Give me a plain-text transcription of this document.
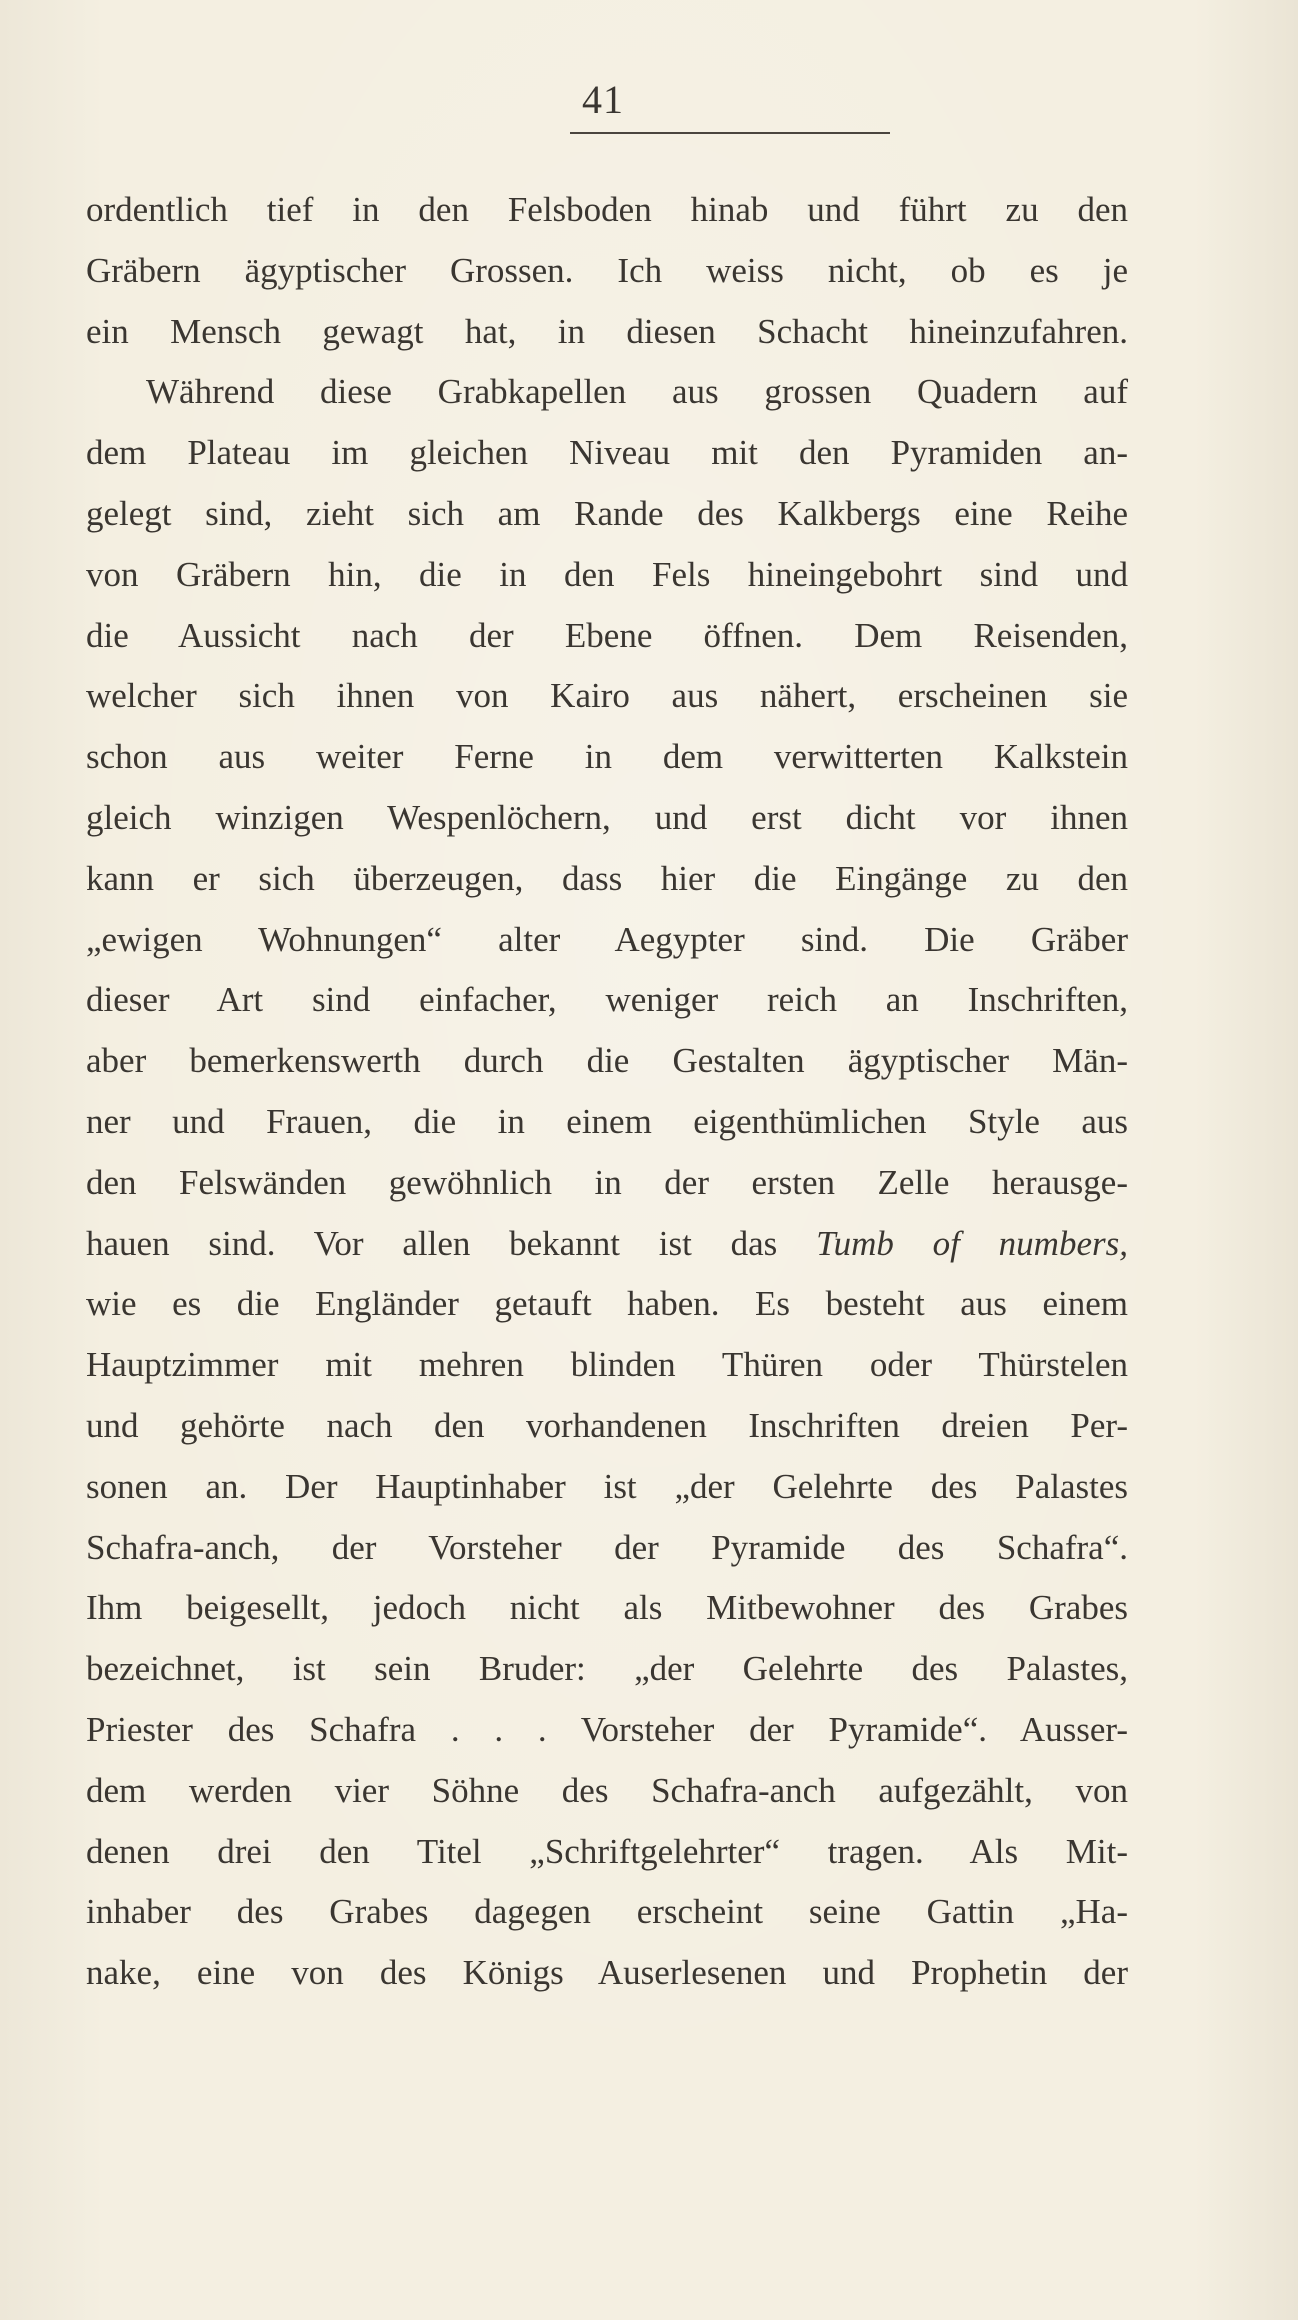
41
ordentlich tief in den Felsboden hinab und führt zu den
Gräbern ägyptischer Grossen. Ich weiss nicht, ob es je
ein Mensch gewagt hat, in diesen Schacht hineinzufahren.
Während diese Grabkapellen aus grossen Quadern auf
dem Plateau im gleichen Niveau mit den Pyramiden an-
gelegt sind, zieht sich am Rande des Kalkbergs eine Reihe
von Gräbern hin, die in den Fels hineingebohrt sind und
die Aussicht nach der Ebene öffnen. Dem Reisenden,
welcher sich ihnen von Kairo aus nähert, erscheinen sie
schon aus weiter Ferne in dem verwitterten Kalkstein
gleich winzigen Wespenlöchern, und erst dicht vor ihnen
kann er sich überzeugen, dass hier die Eingänge zu den
„ewigen Wohnungen“ alter Aegypter sind. Die Gräber
dieser Art sind einfacher, weniger reich an Inschriften,
aber bemerkenswerth durch die Gestalten ägyptischer Män-
ner und Frauen, die in einem eigenthümlichen Style aus
den Felswänden gewöhnlich in der ersten Zelle herausge-
hauen sind. Vor allen bekannt ist das Tumb of numbers,
wie es die Engländer getauft haben. Es besteht aus einem
Hauptzimmer mit mehren blinden Thüren oder Thürstelen
und gehörte nach den vorhandenen Inschriften dreien Per-
sonen an. Der Hauptinhaber ist „der Gelehrte des Palastes
Schafra-anch, der Vorsteher der Pyramide des Schafra“.
Ihm beigesellt, jedoch nicht als Mitbewohner des Grabes
bezeichnet, ist sein Bruder: „der Gelehrte des Palastes,
Priester des Schafra . . . Vorsteher der Pyramide“. Ausser-
dem werden vier Söhne des Schafra-anch aufgezählt, von
denen drei den Titel „Schriftgelehrter“ tragen. Als Mit-
inhaber des Grabes dagegen erscheint seine Gattin „Ha-
nake, eine von des Königs Auserlesenen und Prophetin der
